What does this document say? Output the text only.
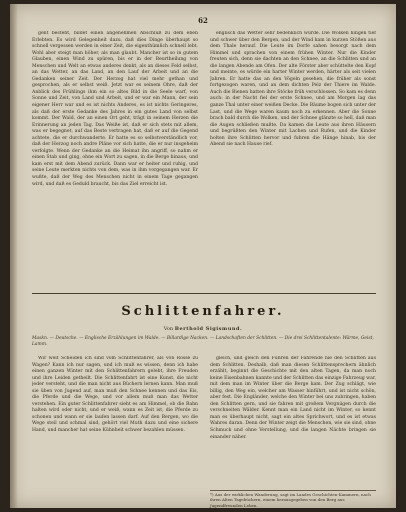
62

gent besteht, bildet einen angenehmen Abschluß zu dem eben Erlebten. Es wird Gelegenheit dazu, daß dies Dinge überhaupt so schnell vergessen werden in einer Zeit, die eigenthümlich schnell lebt. Wohl aber steigt man höher, als man glaubt. Mancher ist so in gutem Glauben, einen Wind zu spüren, bis er in der Beurtheilung von Menschen und Welt an etwas anderes denkt, als an dieses Feld selbst, an das Wetter, an das Land, an den Lauf der Arbeit und an die Gedanken seiner Zeit. Der Herzog hat viel mehr gethan und gesprochen, als er selbst weiß. Jetzt war es seinem Ohre, daß der Anblick des Frühlings ihm ein so altes Bild in die Seele warf, von Sonne und Zeit, von Land und Arbeit, und er war ein Mann, der sein eigener Herr war und es ist nichts Anderes, es ist nichts Geringeres, als daß der erste Gedanke des Jahres in ein gutes Land von selbst kommt. Der Wald, der an einen Ort geht, trägt in seinem Herzen die Erinnerung an jeden Tag. Das Weiße ist, daß er sich stets mit allem, was er begegnet, auf das Beste vertragen hat, daß er auf die Gegend achtete, die er durchwanderte. Er hatte es so selbstverständlich vor, daß der Herzog noch andre Pläne vor sich hatte, die er nur insgeheim verfolgte. Wenn der Gedanke an die Heimat ihn angriff, so nahm er einen Stab und ging, ohne ein Wort zu sagen, in die Berge hinaus, und kam erst mit dem Abend zurück. Dann war er heiter und ruhig, und seine Leute merkten nichts von dem, was in ihm vorgegangen war. Er wußte, daß der Weg des Menschen nicht in einem Tage gegangen wird, und daß es Geduld braucht, bis das Ziel erreicht ist.

englisch das Wetter sehr bedenklich wurde. Die Wolken hingen tief und schwer über den Bergen, und der Wind kam in kurzen Stößen aus dem Thale herauf. Die Leute im Dorfe sahen besorgt nach dem Himmel und sprachen von einem frühen Winter. Nur die Kinder freuten sich, denn sie dachten an den Schnee, an die Schlitten und an die langen Abende am Ofen. Der alte Förster aber schüttelte den Kopf und meinte, es würde ein harter Winter werden, härter als seit vielen Jahren. Er hatte das an den Vögeln gesehen, die früher als sonst fortgezogen waren, und an dem dichten Pelz der Thiere im Walde. Auch die Bienen hatten ihre Stöcke früh verschlossen. So kam es denn auch: in der Nacht fiel der erste Schnee, und am Morgen lag das ganze Thal unter einer weißen Decke. Die Bäume bogen sich unter der Last, und die Wege waren kaum noch zu erkennen. Aber die Sonne brach bald durch die Wolken, und der Schnee glänzte so hell, daß man die Augen schließen mußte. Da kamen die Leute aus ihren Häusern und begrüßten den Winter mit Lachen und Rufen, und die Kinder holten ihre Schlitten hervor und fuhren die Hänge hinab, bis der Abend sie nach Hause rief.

Schlittenfahrer.
Von Berthold Sigismund.
Maskn. — Deutsche. — Englische Erzählungen im Walde. — Billardige Nacken. — Landschaften der Schlitten. — Die drei Schlittentalente: Wärme, Geist, Lamm.

Wir weit Scheiden ich sind vom Schlittenfahrer, als von Rösse zu Wagen? Kann ich nur sagen, und ich muß es wissen, denn ich habe einen ganzen Winter mit den Schlittenfahrern gelebt, ihre Freuden und ihre Leiden getheilt. Die Schlittenfahrt ist eine Kunst, die nicht jeder versteht, und die man nicht aus Büchern lernen kann. Man muß sie üben von Jugend auf, man muß den Schnee kennen und das Eis, die Pferde und die Wege, und vor allem muß man das Wetter verstehen. Ein guter Schlittenfahrer sieht es am Himmel, ob die Bahn halten wird oder nicht, und er weiß, wann es Zeit ist, die Pferde zu schonen und wann er sie laufen lassen darf. Auf den Bergen, wo die Wege steil und schmal sind, gehört viel Muth dazu und eine sichere Hand, und mancher hat seine Kühnheit schwer bezahlen müssen.

gleich, und gleich den Fuhren der Fahrende nie den Schlitten aus dem Schlitten. Deshalb, daß man diesen Schlittensprechern ähnlich erzählt, beginnt die Geschichte mit den alten Tagen, da man noch keine Eisenbahnen kannte und der Schlitten das einzige Fahrzeug war, mit dem man im Winter über die Berge kam. Der Zug schlägt, wie billig, den Weg ein, welcher am Wasser hinführt, und ist nicht schön, aber fest. Die Engländer, welche den Winter bei uns zubringen, haben den Schlitten gern, und sie fahren mit großem Vergnügen durch die verschneiten Wälder. Kennt man ein Land nicht im Winter, so kennt man es überhaupt nicht, sagt ein altes Sprichwort, und es ist etwas Wahres daran. Denn der Winter zeigt die Menschen, wie sie sind, ohne Schmuck und ohne Verstellung, und die langen Nächte bringen sie einander näher.

*) Aus der wirklichen Wanderung, sagt im Landes Geschichten-Kammern, nach ihren Alten Tagebüchern, einem herausgegeben von den Berg aus Jugendfreunden Leben.
